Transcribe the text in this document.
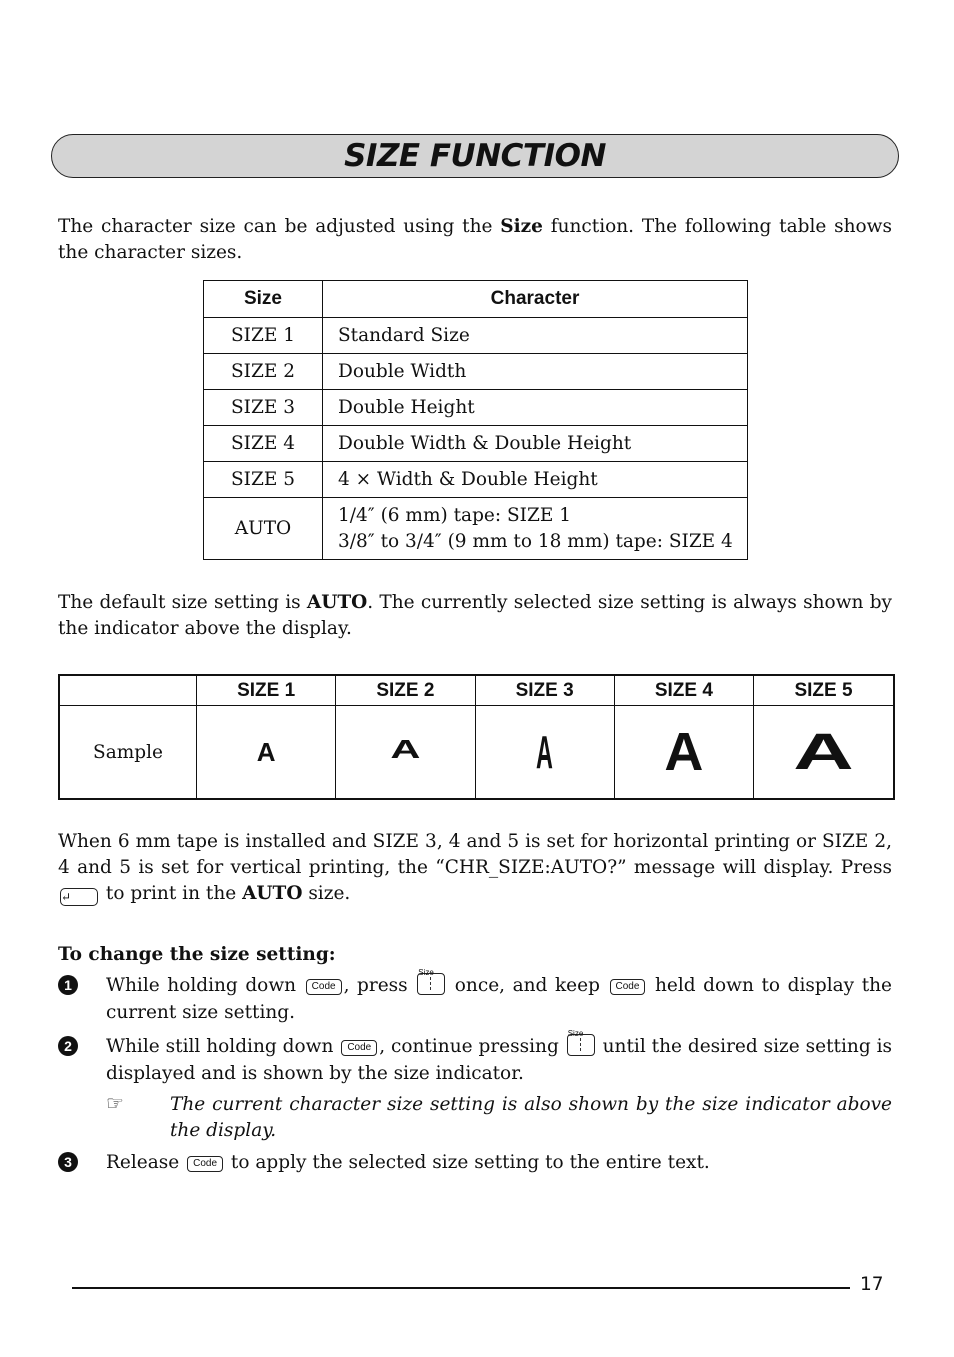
SIZE FUNCTION
The character size can be adjusted using the Size function. The following table shows the character sizes.
Size	Character
SIZE 1	Standard Size
SIZE 2	Double Width
SIZE 3	Double Height
SIZE 4	Double Width & Double Height
SIZE 5	4 × Width & Double Height
AUTO	1/4″ (6 mm) tape: SIZE 1
3/8″ to 3/4″ (9 mm to 18 mm) tape: SIZE 4
The default size setting is AUTO. The currently selected size setting is always shown by the indicator above the display.
	SIZE 1	SIZE 2	SIZE 3	SIZE 4	SIZE 5
Sample	A	A	A	A	A
When 6 mm tape is installed and SIZE 3, 4 and 5 is set for horizontal printing or SIZE 2, 4 and 5 is set for vertical printing, the “CHR_SIZE:AUTO?” message will display. Press ↵ to print in the AUTO size.
To change the size setting:
1	While holding down Code , press
Size
once, and keep Code held down to display the current size setting.
2	While still holding down Code , continue pressing
Size
until the desired size setting is displayed and is shown by the size indicator.
☞ The current character size setting is also shown by the size indicator above the display.
3	Release Code to apply the selected size setting to the entire text.
17
